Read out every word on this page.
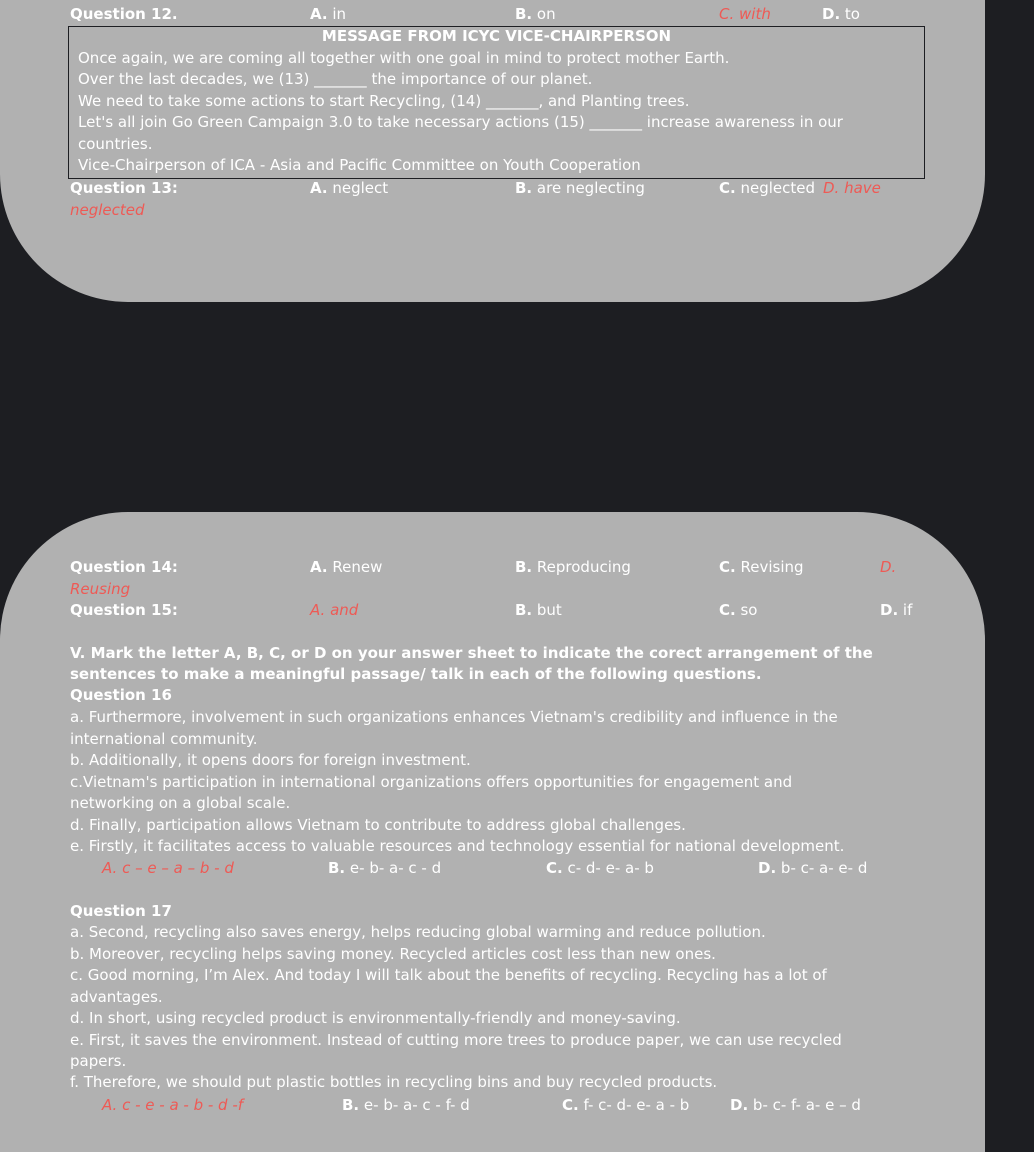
Question 12.	A. in	B. on	C. with	D. to
MESSAGE FROM ICYC VICE-CHAIRPERSON
Once again, we are coming all together with one goal in mind to protect mother Earth.
Over the last decades, we (13) _______ the importance of our planet.
We need to take some actions to start Recycling, (14) _______, and Planting trees.
Let's all join Go Green Campaign 3.0 to take necessary actions (15) _______ increase awareness in our
countries.
Vice-Chairperson of ICA - Asia and Pacific Committee on Youth Cooperation
Question 13:	A. neglect	B. are neglecting	C. neglected D. have
neglected
Question 14:	A. Renew	B. Reproducing	C. Revising	D.
Reusing
Question 15:	A. and	B. but	C. so	D. if
V. Mark the letter A, B, C, or D on your answer sheet to indicate the corect arrangement of the
sentences to make a meaningful passage/ talk in each of the following questions.
Question 16
a. Furthermore, involvement in such organizations enhances Vietnam's credibility and influence in the
international community.
b. Additionally, it opens doors for foreign investment.
c.Vietnam's participation in international organizations offers opportunities for engagement and
networking on a global scale.
d. Finally, participation allows Vietnam to contribute to address global challenges.
e. Firstly, it facilitates access to valuable resources and technology essential for national development.
A. c – e – a – b - d	B. e- b- a- c - d	C. c- d- e- a- b	D. b- c- a- e- d
Question 17
a. Second, recycling also saves energy, helps reducing global warming and reduce pollution.
b. Moreover, recycling helps saving money. Recycled articles cost less than new ones.
c. Good morning, I’m Alex. And today I will talk about the benefits of recycling. Recycling has a lot of
advantages.
d. In short, using recycled product is environmentally-friendly and money-saving.
e. First, it saves the environment. Instead of cutting more trees to produce paper, we can use recycled
papers.
f. Therefore, we should put plastic bottles in recycling bins and buy recycled products.
A. c - e - a - b - d -f	B. e- b- a- c - f- d	C. f- c- d- e- a - b	D. b- c- f- a- e – d
